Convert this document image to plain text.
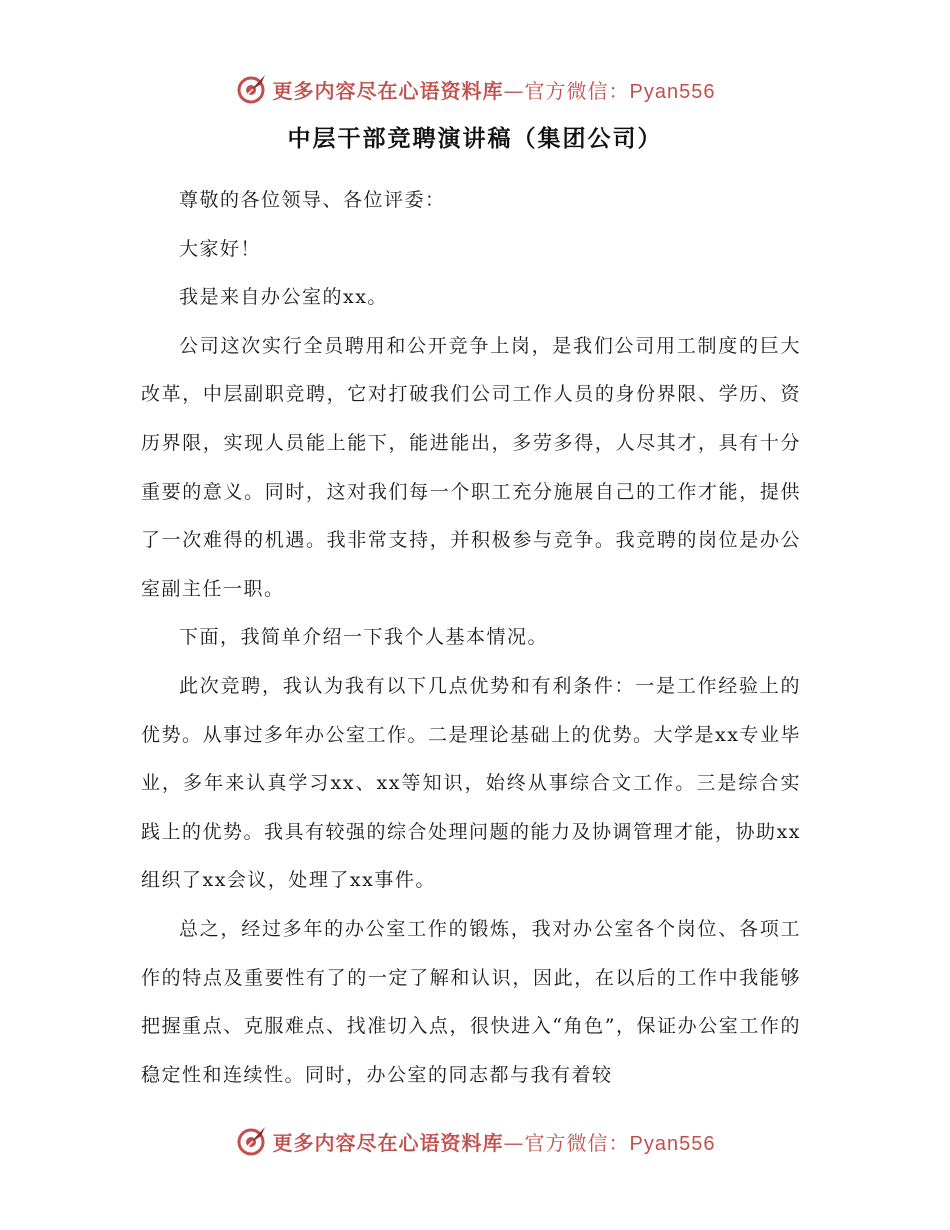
更多内容尽在心语资料库—官方微信：Pyan556
中层干部竞聘演讲稿（集团公司）

尊敬的各位领导、各位评委：

大家好！

我是来自办公室的xx。

公司这次实行全员聘用和公开竞争上岗，是我们公司用工制度的巨大改革，中层副职竞聘，它对打破我们公司工作人员的身份界限、学历、资历界限，实现人员能上能下，能进能出，多劳多得，人尽其才，具有十分重要的意义。同时，这对我们每一个职工充分施展自己的工作才能，提供了一次难得的机遇。我非常支持，并积极参与竞争。我竞聘的岗位是办公室副主任一职。

下面，我简单介绍一下我个人基本情况。

此次竞聘，我认为我有以下几点优势和有利条件：一是工作经验上的优势。从事过多年办公室工作。二是理论基础上的优势。大学是xx专业毕业，多年来认真学习xx、xx等知识，始终从事综合文工作。三是综合实践上的优势。我具有较强的综合处理问题的能力及协调管理才能，协助xx组织了xx会议，处理了xx事件。

总之，经过多年的办公室工作的锻炼，我对办公室各个岗位、各项工作的特点及重要性有了的一定了解和认识，因此，在以后的工作中我能够把握重点、克服难点、找准切入点，很快进入“角色”，保证办公室工作的稳定性和连续性。同时，办公室的同志都与我有着较

更多内容尽在心语资料库—官方微信：Pyan556
